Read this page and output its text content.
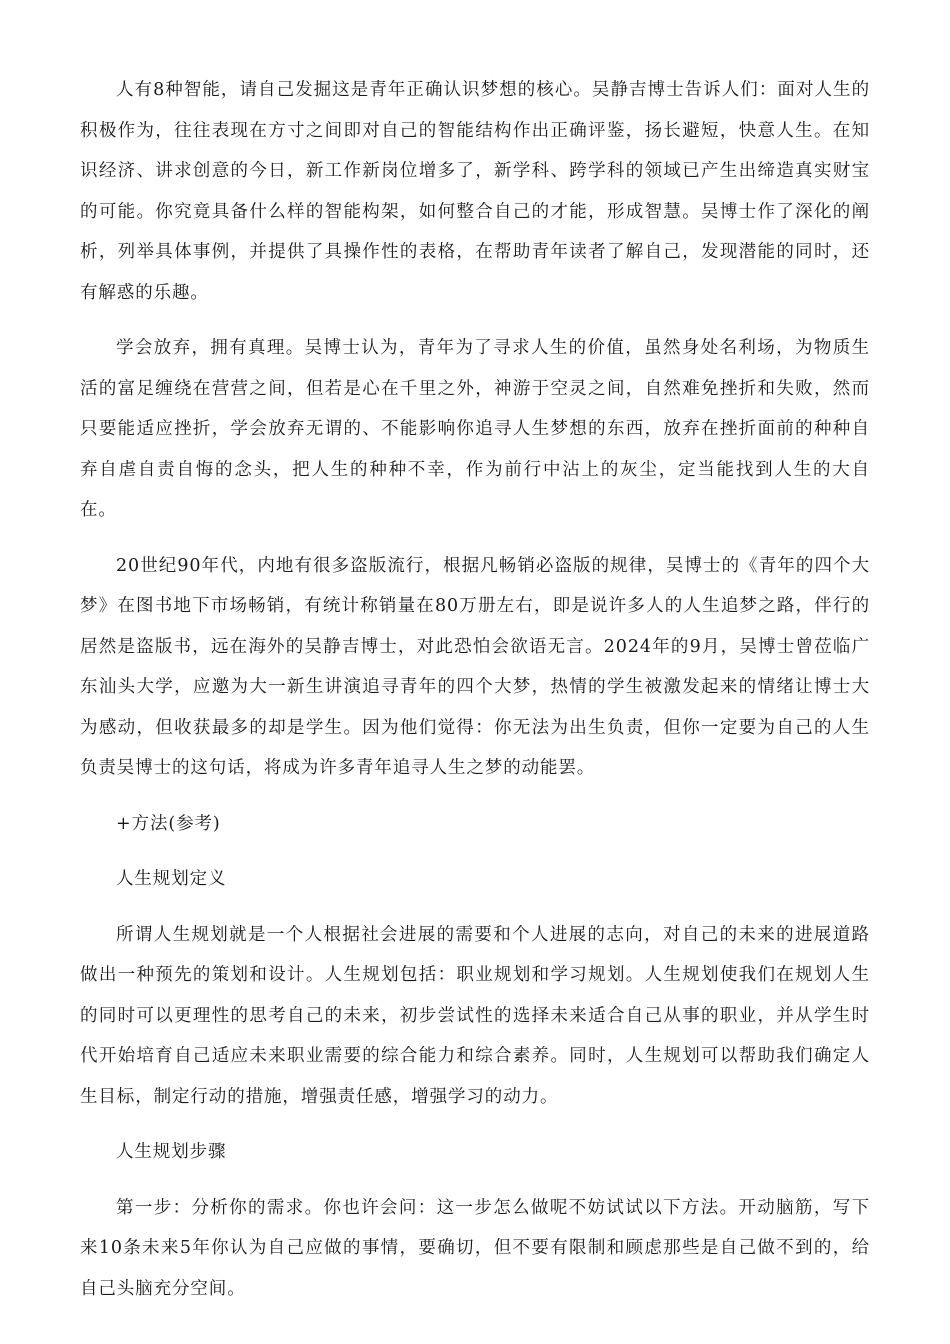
人有8种智能，请自己发掘这是青年正确认识梦想的核心。吴静吉博士告诉人们：面对人生的积极作为，往往表现在方寸之间即对自己的智能结构作出正确评鉴，扬长避短，快意人生。在知识经济、讲求创意的今日，新工作新岗位增多了，新学科、跨学科的领域已产生出缔造真实财宝的可能。你究竟具备什么样的智能构架，如何整合自己的才能，形成智慧。吴博士作了深化的阐析，列举具体事例，并提供了具操作性的表格，在帮助青年读者了解自己，发现潜能的同时，还有解惑的乐趣。

学会放弃，拥有真理。吴博士认为，青年为了寻求人生的价值，虽然身处名利场，为物质生活的富足缠绕在营营之间，但若是心在千里之外，神游于空灵之间，自然难免挫折和失败，然而只要能适应挫折，学会放弃无谓的、不能影响你追寻人生梦想的东西，放弃在挫折面前的种种自弃自虐自责自悔的念头，把人生的种种不幸，作为前行中沾上的灰尘，定当能找到人生的大自在。

20世纪90年代，内地有很多盗版流行，根据凡畅销必盗版的规律，吴博士的《青年的四个大梦》在图书地下市场畅销，有统计称销量在80万册左右，即是说许多人的人生追梦之路，伴行的居然是盗版书，远在海外的吴静吉博士，对此恐怕会欲语无言。2024年的9月，吴博士曾莅临广东汕头大学，应邀为大一新生讲演追寻青年的四个大梦，热情的学生被激发起来的情绪让博士大为感动，但收获最多的却是学生。因为他们觉得：你无法为出生负责，但你一定要为自己的人生负责吴博士的这句话，将成为许多青年追寻人生之梦的动能罢。

+方法(参考)

人生规划定义

所谓人生规划就是一个人根据社会进展的需要和个人进展的志向，对自己的未来的进展道路做出一种预先的策划和设计。人生规划包括：职业规划和学习规划。人生规划使我们在规划人生的同时可以更理性的思考自己的未来，初步尝试性的选择未来适合自己从事的职业，并从学生时代开始培育自己适应未来职业需要的综合能力和综合素养。同时，人生规划可以帮助我们确定人生目标，制定行动的措施，增强责任感，增强学习的动力。

人生规划步骤

第一步：分析你的需求。你也许会问：这一步怎么做呢不妨试试以下方法。开动脑筋，写下来10条未来5年你认为自己应做的事情，要确切，但不要有限制和顾虑那些是自己做不到的，给自己头脑充分空间。
